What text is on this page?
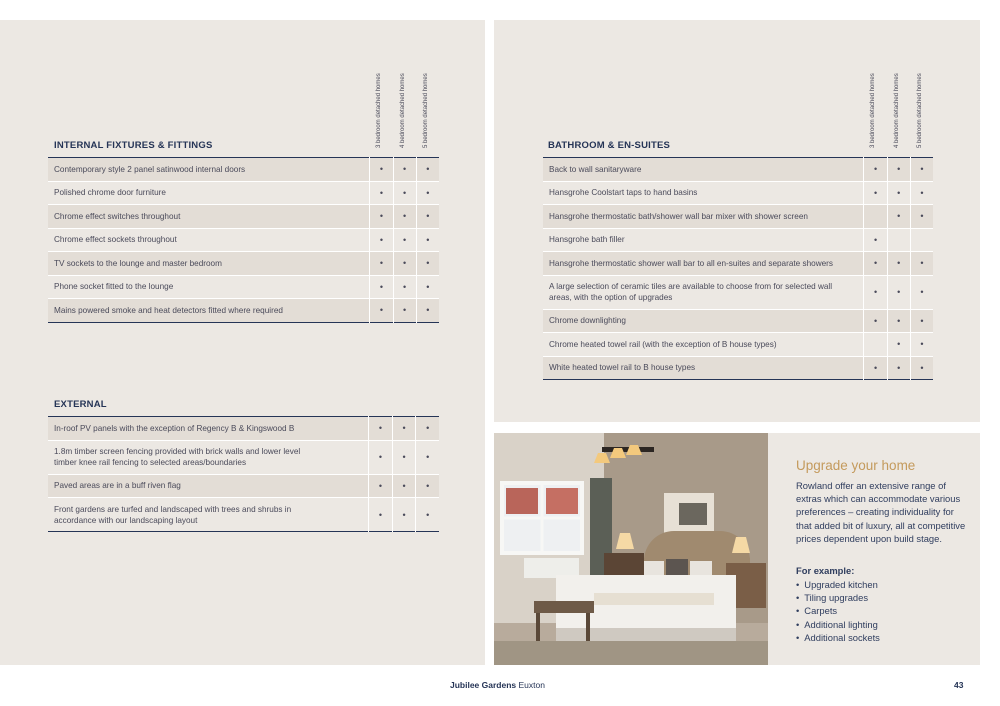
3 bedroom detached homes	4 bedroom detached homes	5 bedroom detached homes
INTERNAL FIXTURES & FITTINGS
Contemporary style 2 panel satinwood internal doors	•	•	•
Polished chrome door furniture	•	•	•
Chrome effect switches throughout	•	•	•
Chrome effect sockets throughout	•	•	•
TV sockets to the lounge and master bedroom	•	•	•
Phone socket fitted to the lounge	•	•	•
Mains powered smoke and heat detectors fitted where required	•	•	•
EXTERNAL
In-roof PV panels with the exception of Regency B & Kingswood B	•	•	•
1.8m timber screen fencing provided with brick walls and lower level timber knee rail fencing to selected areas/boundaries	•	•	•
Paved areas are in a buff riven flag	•	•	•
Front gardens are turfed and landscaped with trees and shrubs in accordance with our landscaping layout	•	•	•
3 bedroom detached homes	4 bedroom detached homes	5 bedroom detached homes
BATHROOM & EN-SUITES
Back to wall sanitaryware	•	•	•
Hansgrohe Coolstart taps to hand basins	•	•	•
Hansgrohe thermostatic bath/shower wall bar mixer with shower screen		•	•
Hansgrohe bath filler	•		
Hansgrohe thermostatic shower wall bar to all en-suites and separate showers	•	•	•
A large selection of ceramic tiles are available to choose from for selected wall areas, with the option of upgrades	•	•	•
Chrome downlighting	•	•	•
Chrome heated towel rail (with the exception of B house types)		•	•
White heated towel rail to B house types	•	•	•
Upgrade your home
Rowland offer an extensive range of extras which can accommodate various preferences – creating individuality for that added bit of luxury, all at competitive prices dependent upon build stage.
For example:
• Upgraded kitchen
• Tiling upgrades
• Carpets
• Additional lighting
• Additional sockets
Jubilee Gardens Euxton	43
